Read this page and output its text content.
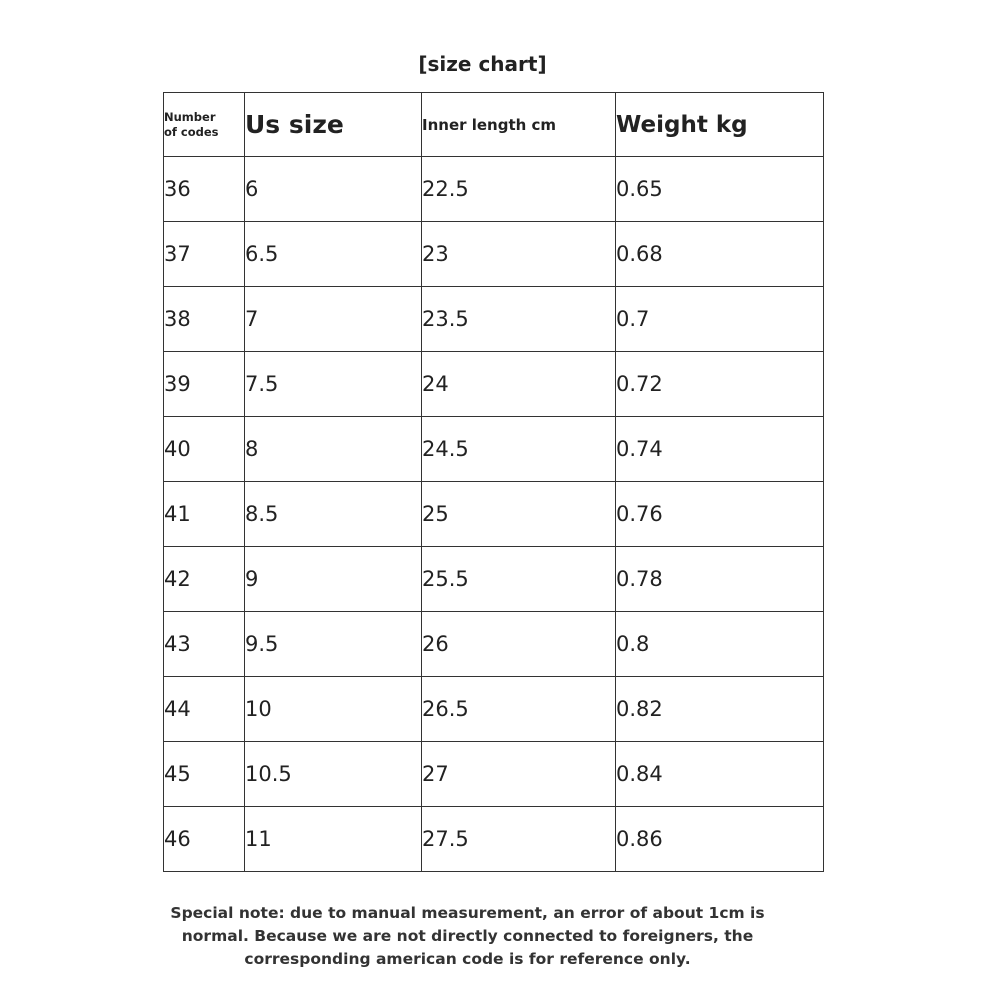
[size chart]
Number
of codes	Us size	Inner length cm	Weight kg
36	6	22.5	0.65
37	6.5	23	0.68
38	7	23.5	0.7
39	7.5	24	0.72
40	8	24.5	0.74
41	8.5	25	0.76
42	9	25.5	0.78
43	9.5	26	0.8
44	10	26.5	0.82
45	10.5	27	0.84
46	11	27.5	0.86
Special note: due to manual measurement, an error of about 1cm is
normal. Because we are not directly connected to foreigners, the
corresponding american code is for reference only.
